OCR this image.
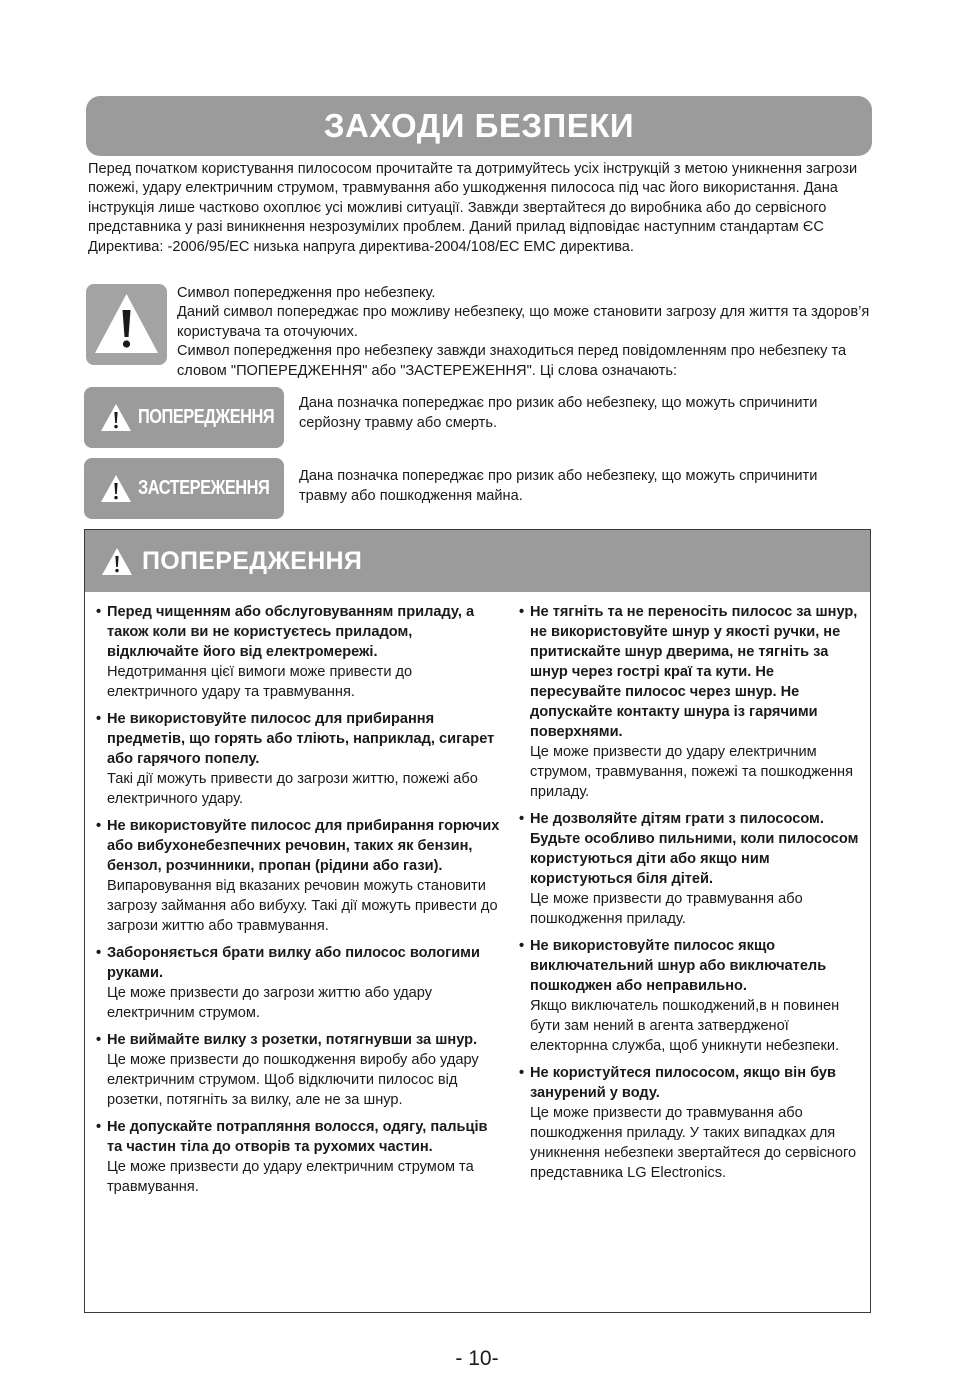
ЗАХОДИ БЕЗПЕКИ

Перед початком користування пилососом прочитайте та дотримуйтесь усіх інструкцій з метою уникнення загрози пожежі, удару електричним струмом, травмування або ушкодження пилососа під час його використання. Дана інструкція лише частково охоплює усі можливі ситуації. Завжди звертайтеся до виробника або до сервісного представника у разі виникнення незрозумілих проблем. Даний прилад відповідає наступним стандартам ЄС Директива: -2006/95/ЕС низька напруга директива-2004/108/ЕС ЕМС директива.

Символ попередження про небезпеку.
Даний символ попереджає про можливу небезпеку, що може становити загрозу для життя та здоров’я користувача та оточуючих.
Символ попередження про небезпеку завжди знаходиться перед повідомленням про небезпеку та словом "ПОПЕРЕДЖЕННЯ" або "ЗАСТЕРЕЖЕННЯ". Ці слова означають:

ПОПЕРЕДЖЕННЯ

Дана позначка попереджає про ризик або небезпеку, що можуть спричинити серйозну травму або смерть.

ЗАСТЕРЕЖЕННЯ

Дана позначка попереджає про ризик або небезпеку, що можуть спричинити травму або пошкодження майна.

ПОПЕРЕДЖЕННЯ
• Перед чищенням або обслуговуванням приладу, а також коли ви не користуєтесь приладом, відключайте його від електромережі.
Недотримання цієї вимоги може привести до електричного удару та травмування.
• Не використовуйте пилосос для прибирання предметів, що горять або тліють, наприклад, сигарет або гарячого попелу.
Такі дії можуть привести до загрози життю, пожежі або електричного удару.
• Не використовуйте пилосос для прибирання горючих або вибухонебезпечних речовин, таких як бензин, бензол, розчинники, пропан (рідини або гази).
Випаровування від вказаних речовин можуть становити загрозу займання або вибуху. Такі дії можуть привести до загрози життю або травмування.
• Забороняється брати вилку або пилосос вологими руками.
Це може призвести до загрози життю або удару електричним струмом.
• Не виймайте вилку з розетки, потягнувши за шнур.
Це може призвести до пошкодження виробу або удару електричним струмом. Щоб відключити пилосос від розетки, потягніть за вилку, але не за шнур.
• Не допускайте потрапляння волосся, одягу, пальців та частин тіла до отворів та рухомих частин.
Це може призвести до удару електричним струмом та травмування.
• Не тягніть та не переносіть пилосос за шнур, не використовуйте шнур у якості ручки, не притискайте шнур дверима, не тягніть за шнур через гострі краї та кути. Не пересувайте пилосос через шнур. Не допускайте контакту шнура із гарячими поверхнями.
Це може призвести до удару електричним струмом, травмування, пожежі та пошкодження приладу.
• Не дозволяйте дітям грати з пилососом. Будьте особливо пильними, коли пилососом користуються діти або якщо ним користуються біля дітей.
Це може призвести до травмування або пошкодження приладу.
• Не використовуйте пилосос якщо виключательний шнур або виключатель пошкоджен або неправильно.
Якщо виключатель пошкоджений,в н повинен бути зам нений в агента затвердженої електорнна служба, щоб уникнути небезпеки.
• Не користуйтеся пилососом, якщо він був занурений у воду.
Це може призвести до травмування або пошкодження приладу. У таких випадках для уникнення небезпеки звертайтеся до сервісного представника LG Electronics.
- 10-
